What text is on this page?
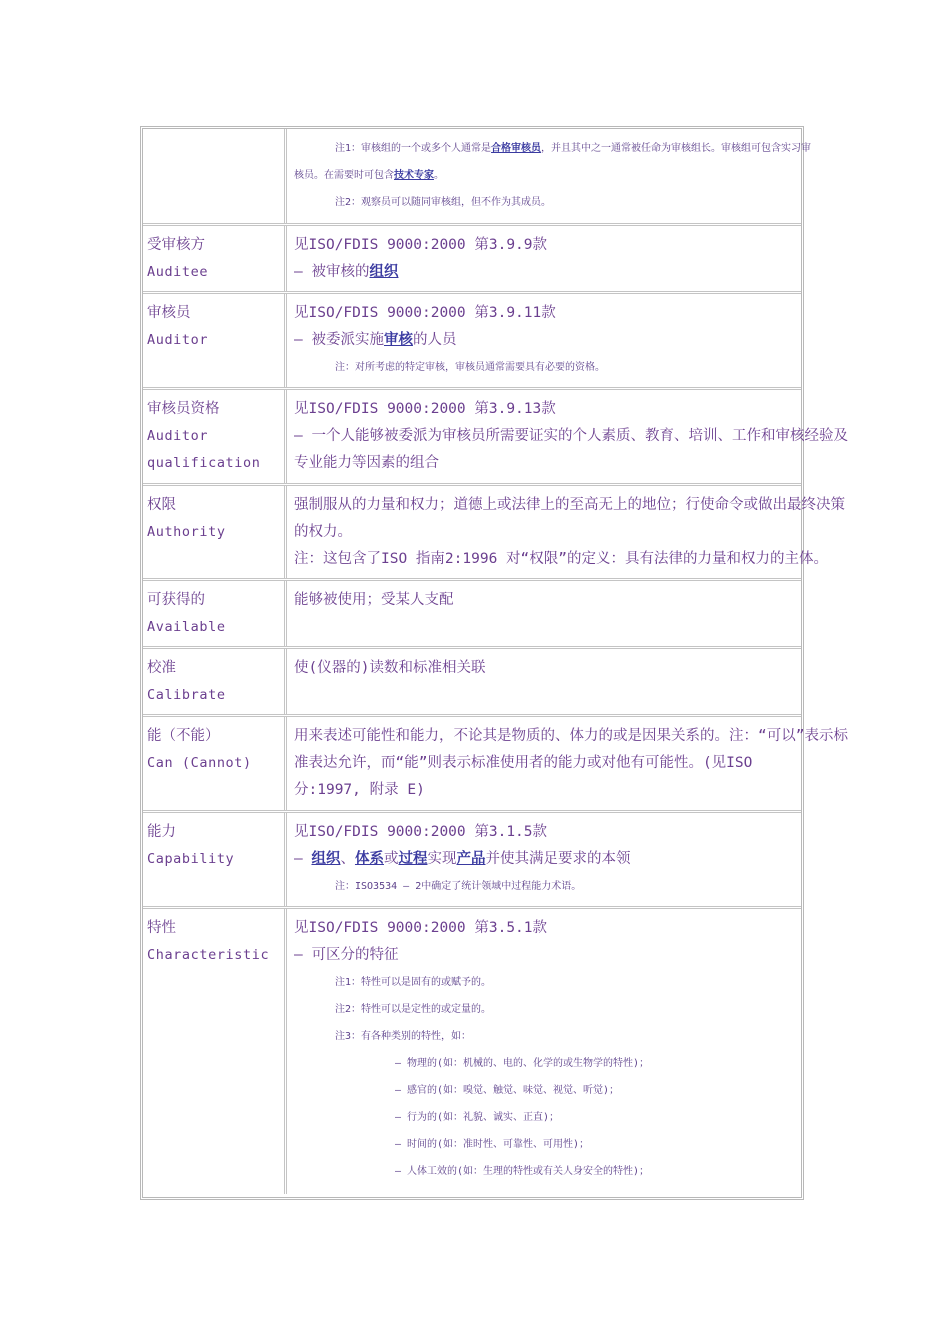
注1：审核组的一个或多个人通常是合格审核员，并且其中之一通常被任命为审核组长。审核组可包含实习审
核员。在需要时可包含技术专家。
注2：观察员可以随同审核组，但不作为其成员。
受审核方
Auditee
见ISO/FDIS 9000:2000 第3.9.9款
— 被审核的组织
审核员
Auditor
见ISO/FDIS 9000:2000 第3.9.11款
— 被委派实施审核的人员
注：对所考虑的特定审核，审核员通常需要具有必要的资格。
审核员资格
Auditor
qualification
见ISO/FDIS 9000:2000 第3.9.13款
— 一个人能够被委派为审核员所需要证实的个人素质、教育、培训、工作和审核经验及
专业能力等因素的组合
权限
Authority
强制服从的力量和权力；道德上或法律上的至高无上的地位；行使命令或做出最终决策
的权力。
注：这包含了ISO 指南2:1996 对“权限”的定义：具有法律的力量和权力的主体。
可获得的
Available
能够被使用；受某人支配
校准
Calibrate
使(仪器的)读数和标准相关联
能（不能）
Can (Cannot)
用来表述可能性和能力，不论其是物质的、体力的或是因果关系的。注：“可以”表示标
准表达允许，而“能”则表示标准使用者的能力或对他有可能性。(见ISO
分:1997, 附录 E)
能力
Capability
见ISO/FDIS 9000:2000 第3.1.5款
— 组织、体系或过程实现产品并使其满足要求的本领
注：ISO3534 – 2中确定了统计领域中过程能力术语。
特性
Characteristic
见ISO/FDIS 9000:2000 第3.5.1款
— 可区分的特征
注1：特性可以是固有的或赋予的。
注2：特性可以是定性的或定量的。
注3：有各种类别的特性，如：
— 物理的(如：机械的、电的、化学的或生物学的特性)；
— 感官的(如：嗅觉、触觉、味觉、视觉、听觉)；
— 行为的(如：礼貌、诚实、正直)；
— 时间的(如：准时性、可靠性、可用性)；
— 人体工效的(如：生理的特性或有关人身安全的特性)；
